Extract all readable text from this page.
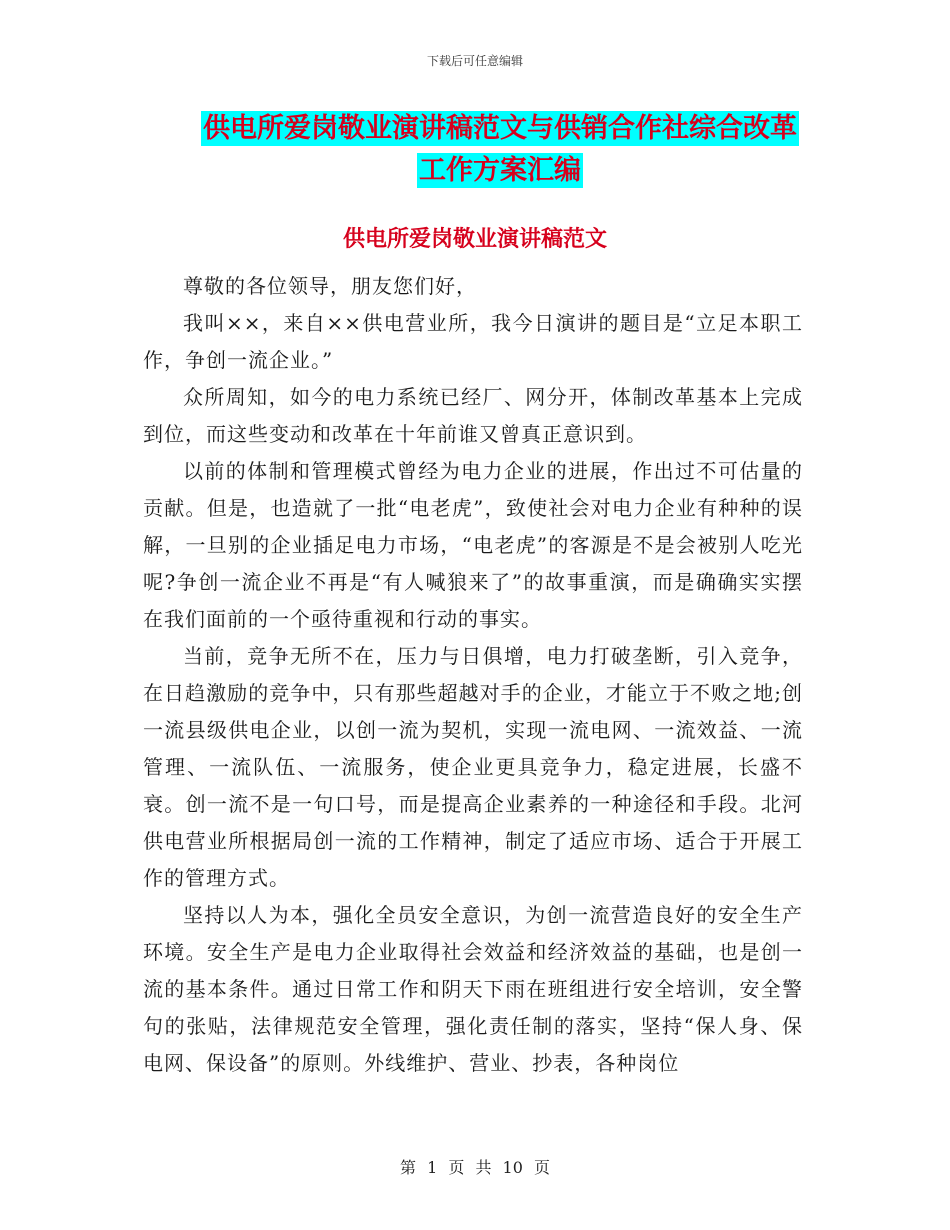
下载后可任意编辑
供电所爱岗敬业演讲稿范文与供销合作社综合改革工作方案汇编
供电所爱岗敬业演讲稿范文

尊敬的各位领导，朋友您们好，

我叫××，来自××供电营业所，我今日演讲的题目是“立足本职工作，争创一流企业。”

众所周知，如今的电力系统已经厂、网分开，体制改革基本上完成到位，而这些变动和改革在十年前谁又曾真正意识到。

以前的体制和管理模式曾经为电力企业的进展，作出过不可估量的贡献。但是，也造就了一批“电老虎”，致使社会对电力企业有种种的误解，一旦别的企业插足电力市场，“电老虎”的客源是不是会被别人吃光呢?争创一流企业不再是“有人喊狼来了”的故事重演，而是确确实实摆在我们面前的一个亟待重视和行动的事实。

当前，竞争无所不在，压力与日俱增，电力打破垄断，引入竞争，在日趋激励的竞争中，只有那些超越对手的企业，才能立于不败之地;创一流县级供电企业，以创一流为契机，实现一流电网、一流效益、一流管理、一流队伍、一流服务，使企业更具竞争力，稳定进展，长盛不衰。创一流不是一句口号，而是提高企业素养的一种途径和手段。北河供电营业所根据局创一流的工作精神，制定了适应市场、适合于开展工作的管理方式。

坚持以人为本，强化全员安全意识，为创一流营造良好的安全生产环境。安全生产是电力企业取得社会效益和经济效益的基础，也是创一流的基本条件。通过日常工作和阴天下雨在班组进行安全培训，安全警句的张贴，法律规范安全管理，强化责任制的落实，坚持“保人身、保电网、保设备”的原则。外线维护、营业、抄表，各种岗位

第 1 页 共 10 页
